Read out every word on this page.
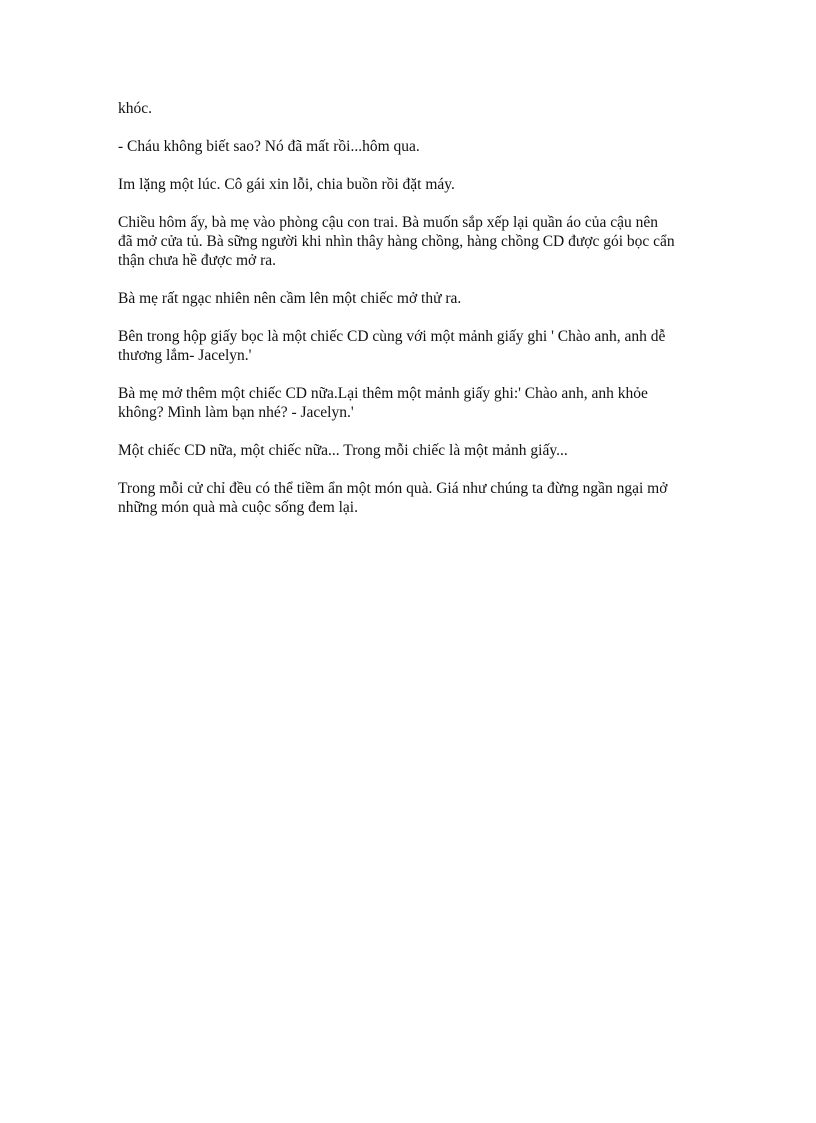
khóc.

- Cháu không biết sao? Nó đã mất rồi...hôm qua.

Im lặng một lúc. Cô gái xin lỗi, chia buồn rồi đặt máy.

Chiều hôm ấy, bà mẹ vào phòng cậu con trai. Bà muốn sắp xếp lại quần áo của cậu nên
đã mở cửa tủ. Bà sững người khi nhìn thây hàng chồng, hàng chồng CD được gói bọc cẩn
thận chưa hề được mở ra.

Bà mẹ rất ngạc nhiên nên cầm lên một chiếc mở thử ra.

Bên trong hộp giấy bọc là một chiếc CD cùng với một mảnh giấy ghi ' Chào anh, anh dễ
thương lắm- Jacelyn.'

Bà mẹ mở thêm một chiếc CD nữa.Lại thêm một mảnh giấy ghi:' Chào anh, anh khỏe
không? Mình làm bạn nhé? - Jacelyn.'

Một chiếc CD nữa, một chiếc nữa... Trong mỗi chiếc là một mảnh giấy...

Trong mỗi cử chỉ đều có thể tiềm ẩn một món quà. Giá như chúng ta đừng ngần ngại mở
những món quà mà cuộc sống đem lại.
